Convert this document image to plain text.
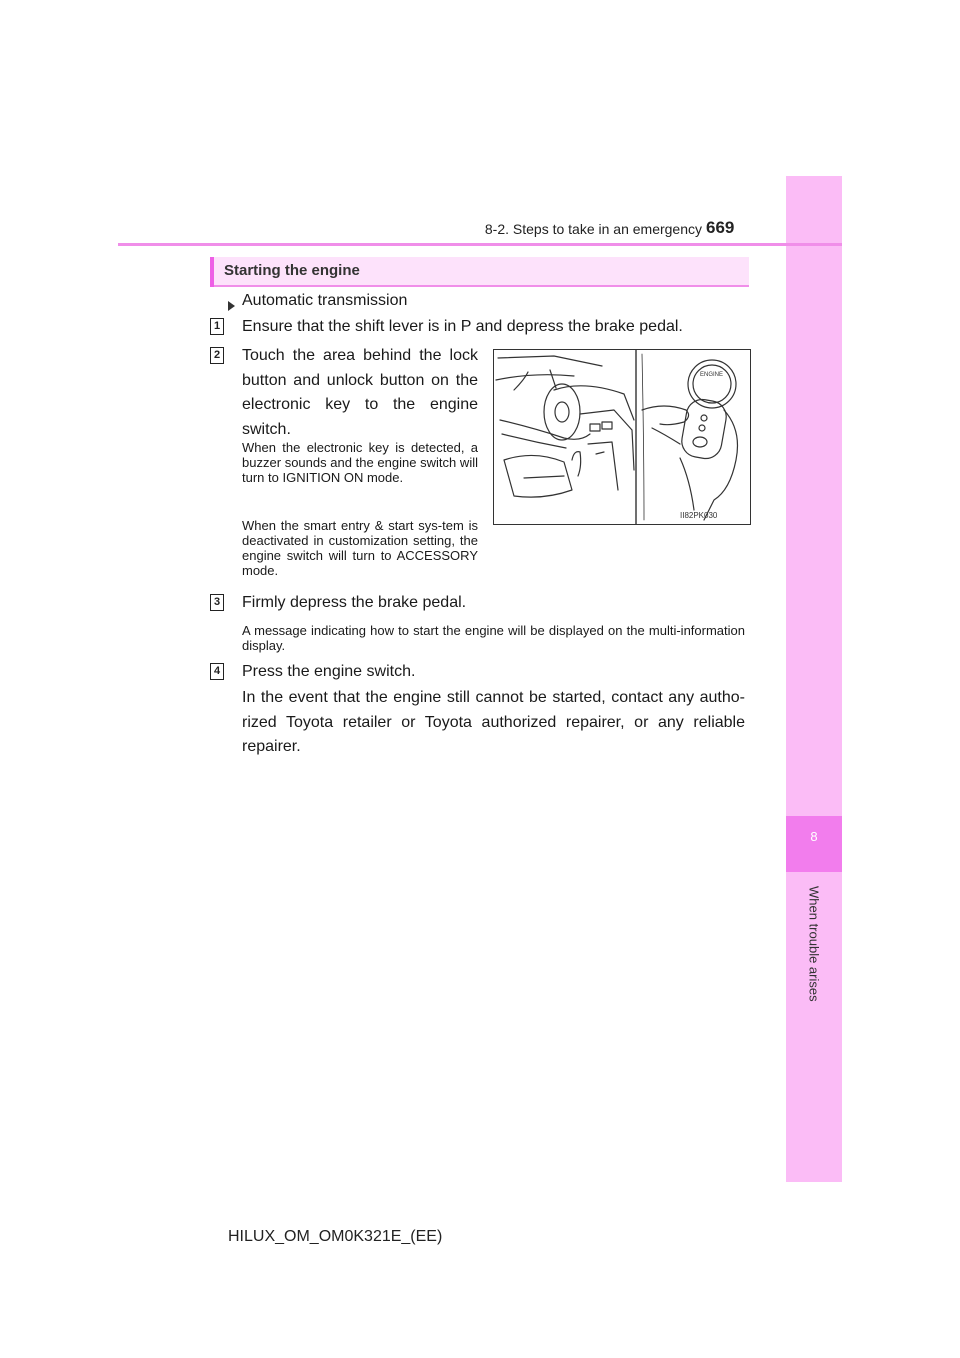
8
When trouble arises
8-2. Steps to take in an emergency 669
Starting the engine
Automatic transmission
1 Ensure that the shift lever is in P and depress the brake pedal.
2 Touch the area behind the lock button and unlock button on the electronic key to the engine switch.
When the electronic key is detected, a buzzer sounds and the engine switch will turn to IGNITION ON mode.
When the smart entry & start sys-tem is deactivated in customization setting, the engine switch will turn to ACCESSORY mode.
ENGINE
II82PK030
3 Firmly depress the brake pedal.
A message indicating how to start the engine will be displayed on the multi-information display.
4 Press the engine switch.
In the event that the engine still cannot be started, contact any autho-rized Toyota retailer or Toyota authorized repairer, or any reliable repairer.
HILUX_OM_OM0K321E_(EE)
